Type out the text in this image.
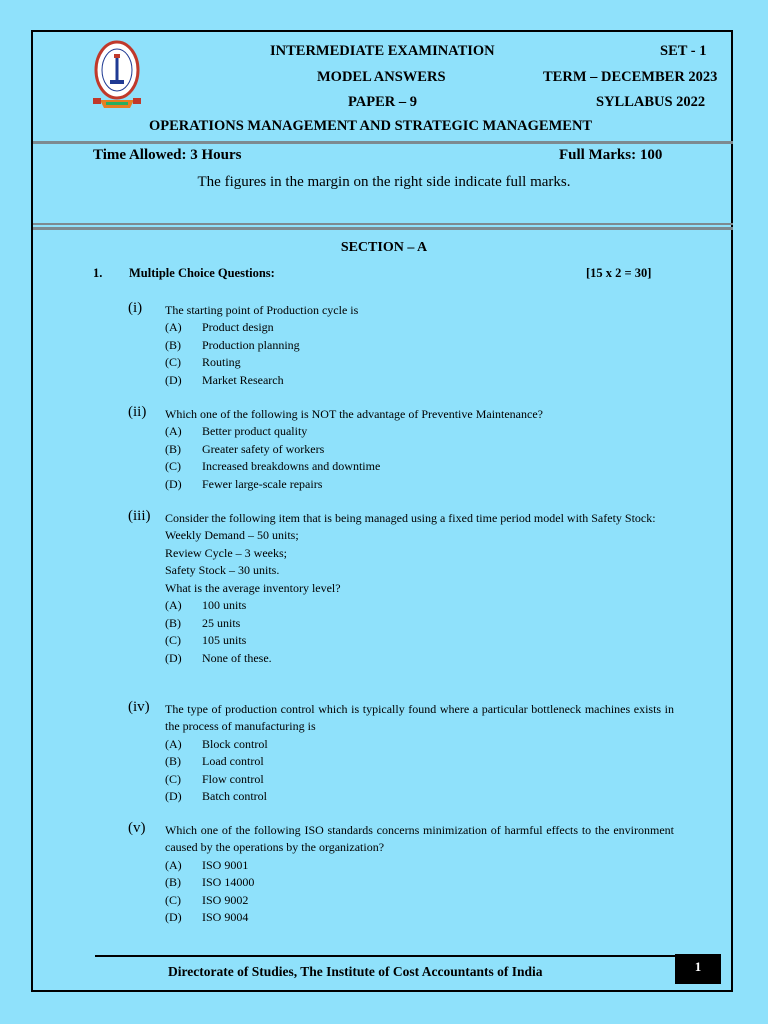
INTERMEDIATE EXAMINATION	SET - 1
MODEL ANSWERS	TERM – DECEMBER 2023
PAPER – 9	SYLLABUS 2022
OPERATIONS MANAGEMENT AND STRATEGIC MANAGEMENT
Time Allowed: 3 Hours	Full Marks: 100
The figures in the margin on the right side indicate full marks.
SECTION – A
1. Multiple Choice Questions:	[15 x 2 = 30]
(i) The starting point of Production cycle is
(A) Product design
(B) Production planning
(C) Routing
(D) Market Research
(ii) Which one of the following is NOT the advantage of Preventive Maintenance?
(A) Better product quality
(B) Greater safety of workers
(C) Increased breakdowns and downtime
(D) Fewer large-scale repairs
(iii) Consider the following item that is being managed using a fixed time period model with Safety Stock:
Weekly Demand – 50 units;
Review Cycle – 3 weeks;
Safety Stock – 30 units.
What is the average inventory level?
(A) 100 units
(B) 25 units
(C) 105 units
(D) None of these.
(iv) The type of production control which is typically found where a particular bottleneck machines exists in the process of manufacturing is
(A) Block control
(B) Load control
(C) Flow control
(D) Batch control
(v) Which one of the following ISO standards concerns minimization of harmful effects to the environment caused by the operations by the organization?
(A) ISO 9001
(B) ISO 14000
(C) ISO 9002
(D) ISO 9004
Directorate of Studies, The Institute of Cost Accountants of India	1
